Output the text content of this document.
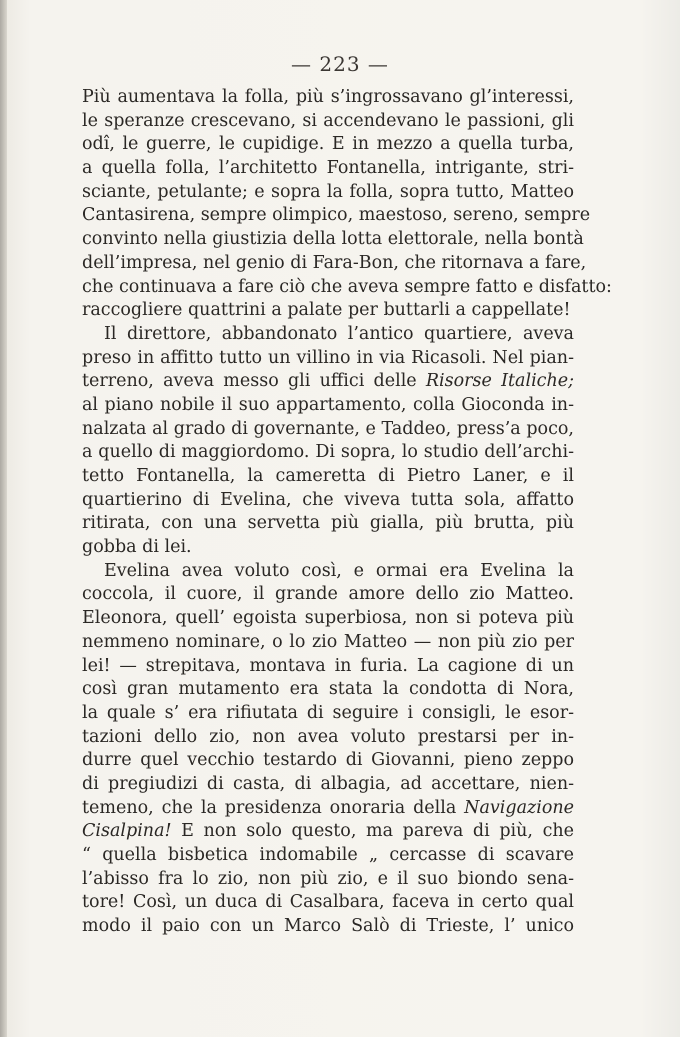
— 223 —
Più aumentava la folla, più s’ingrossavano gl’interessi,
le speranze crescevano, si accendevano le passioni, gli
odî, le guerre, le cupidige. E in mezzo a quella turba,
a quella folla, l’architetto Fontanella, intrigante, stri-
sciante, petulante; e sopra la folla, sopra tutto, Matteo
Cantasirena, sempre olimpico, maestoso, sereno, sempre
convinto nella giustizia della lotta elettorale, nella bontà
dell’impresa, nel genio di Fara-Bon, che ritornava a fare,
che continuava a fare ciò che aveva sempre fatto e disfatto:
raccogliere quattrini a palate per buttarli a cappellate!
Il direttore, abbandonato l’antico quartiere, aveva
preso in affitto tutto un villino in via Ricasoli. Nel pian-
terreno, aveva messo gli uffici delle Risorse Italiche;
al piano nobile il suo appartamento, colla Gioconda in-
nalzata al grado di governante, e Taddeo, press’a poco,
a quello di maggiordomo. Di sopra, lo studio dell’archi-
tetto Fontanella, la cameretta di Pietro Laner, e il
quartierino di Evelina, che viveva tutta sola, affatto
ritirata, con una servetta più gialla, più brutta, più
gobba di lei.
Evelina avea voluto così, e ormai era Evelina la
coccola, il cuore, il grande amore dello zio Matteo.
Eleonora, quell’ egoista superbiosa, non si poteva più
nemmeno nominare, o lo zio Matteo — non più zio per
lei! — strepitava, montava in furia. La cagione di un
così gran mutamento era stata la condotta di Nora,
la quale s’ era rifiutata di seguire i consigli, le esor-
tazioni dello zio, non avea voluto prestarsi per in-
durre quel vecchio testardo di Giovanni, pieno zeppo
di pregiudizi di casta, di albagia, ad accettare, nien-
temeno, che la presidenza onoraria della Navigazione
Cisalpina! E non solo questo, ma pareva di più, che
“ quella bisbetica indomabile „ cercasse di scavare
l’abisso fra lo zio, non più zio, e il suo biondo sena-
tore! Così, un duca di Casalbara, faceva in certo qual
modo il paio con un Marco Salò di Trieste, l’ unico
